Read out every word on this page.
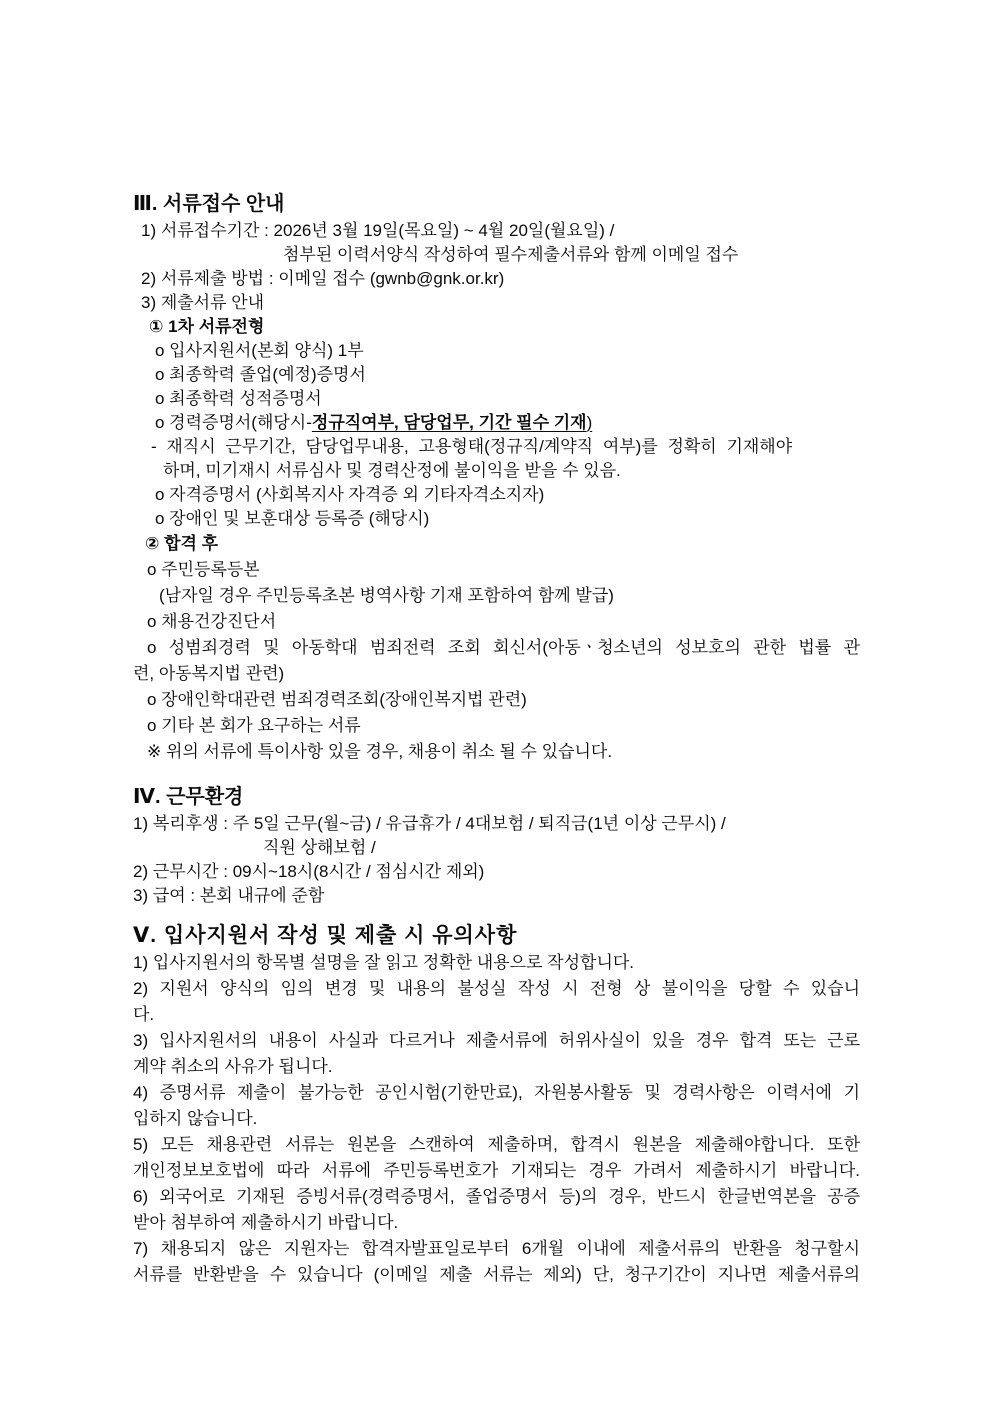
Ⅲ. 서류접수 안내
1) 서류접수기간 : 2026년 3월 19일(목요일) ~ 4월 20일(월요일) /
첨부된 이력서양식 작성하여 필수제출서류와 함께 이메일 접수
2) 서류제출 방법 : 이메일 접수 (gwnb@gnk.or.kr)
3) 제출서류 안내
① 1차 서류전형
o 입사지원서(본회 양식) 1부
o 최종학력 졸업(예정)증명서
o 최종학력 성적증명서
o 경력증명서(해당시-정규직여부, 담당업무, 기간 필수 기재)
- 재직시 근무기간, 담당업무내용, 고용형태(정규직/계약직 여부)를 정확히 기재해야
하며, 미기재시 서류심사 및 경력산정에 불이익을 받을 수 있음.
o 자격증명서 (사회복지사 자격증 외 기타자격소지자)
o 장애인 및 보훈대상 등록증 (해당시)
② 합격 후
o 주민등록등본
(남자일 경우 주민등록초본 병역사항 기재 포함하여 함께 발급)
o 채용건강진단서
o 성범죄경력 및 아동학대 범죄전력 조회 회신서(아동ㆍ청소년의 성보호의 관한 법률 관
련, 아동복지법 관련)
o 장애인학대관련 범죄경력조회(장애인복지법 관련)
o 기타 본 회가 요구하는 서류
※ 위의 서류에 특이사항 있을 경우, 채용이 취소 될 수 있습니다.
Ⅳ. 근무환경
1) 복리후생 : 주 5일 근무(월~금) / 유급휴가 / 4대보험 / 퇴직금(1년 이상 근무시) /
직원 상해보험 /
2) 근무시간 : 09시~18시(8시간 / 점심시간 제외)
3) 급여 : 본회 내규에 준함
Ⅴ. 입사지원서 작성 및 제출 시 유의사항
1) 입사지원서의 항목별 설명을 잘 읽고 정확한 내용으로 작성합니다.
2) 지원서 양식의 임의 변경 및 내용의 불성실 작성 시 전형 상 불이익을 당할 수 있습니
다.
3) 입사지원서의 내용이 사실과 다르거나 제출서류에 허위사실이 있을 경우 합격 또는 근로
계약 취소의 사유가 됩니다.
4) 증명서류 제출이 불가능한 공인시험(기한만료), 자원봉사활동 및 경력사항은 이력서에 기
입하지 않습니다.
5) 모든 채용관련 서류는 원본을 스캔하여 제출하며, 합격시 원본을 제출해야합니다. 또한
개인정보보호법에 따라 서류에 주민등록번호가 기재되는 경우 가려서 제출하시기 바랍니다.
6) 외국어로 기재된 증빙서류(경력증명서, 졸업증명서 등)의 경우, 반드시 한글번역본을 공증
받아 첨부하여 제출하시기 바랍니다.
7) 채용되지 않은 지원자는 합격자발표일로부터 6개월 이내에 제출서류의 반환을 청구할시
서류를 반환받을 수 있습니다 (이메일 제출 서류는 제외) 단, 청구기간이 지나면 제출서류의
